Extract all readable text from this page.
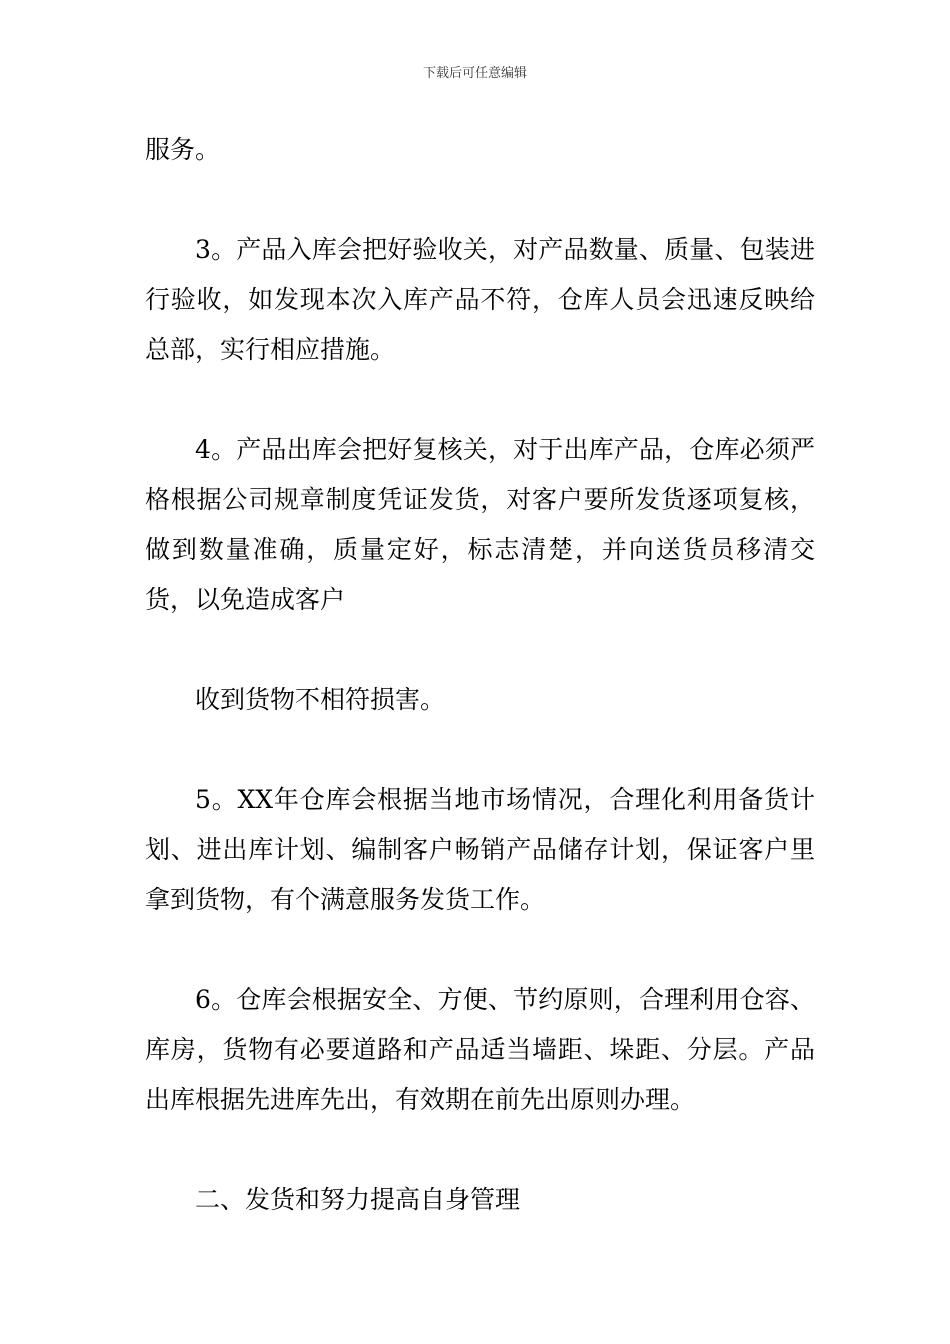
下载后可任意编辑

服务。

3。产品入库会把好验收关，对产品数量、质量、包装进行验收，如发现本次入库产品不符，仓库人员会迅速反映给总部，实行相应措施。

4。产品出库会把好复核关，对于出库产品，仓库必须严格根据公司规章制度凭证发货，对客户要所发货逐项复核，做到数量准确，质量定好，标志清楚，并向送货员移清交货，以免造成客户

收到货物不相符损害。

5。XX年仓库会根据当地市场情况，合理化利用备货计划、进出库计划、编制客户畅销产品储存计划，保证客户里拿到货物，有个满意服务发货工作。

6。仓库会根据安全、方便、节约原则，合理利用仓容、库房，货物有必要道路和产品适当墙距、垛距、分层。产品出库根据先进库先出，有效期在前先出原则办理。

二、发货和努力提高自身管理
